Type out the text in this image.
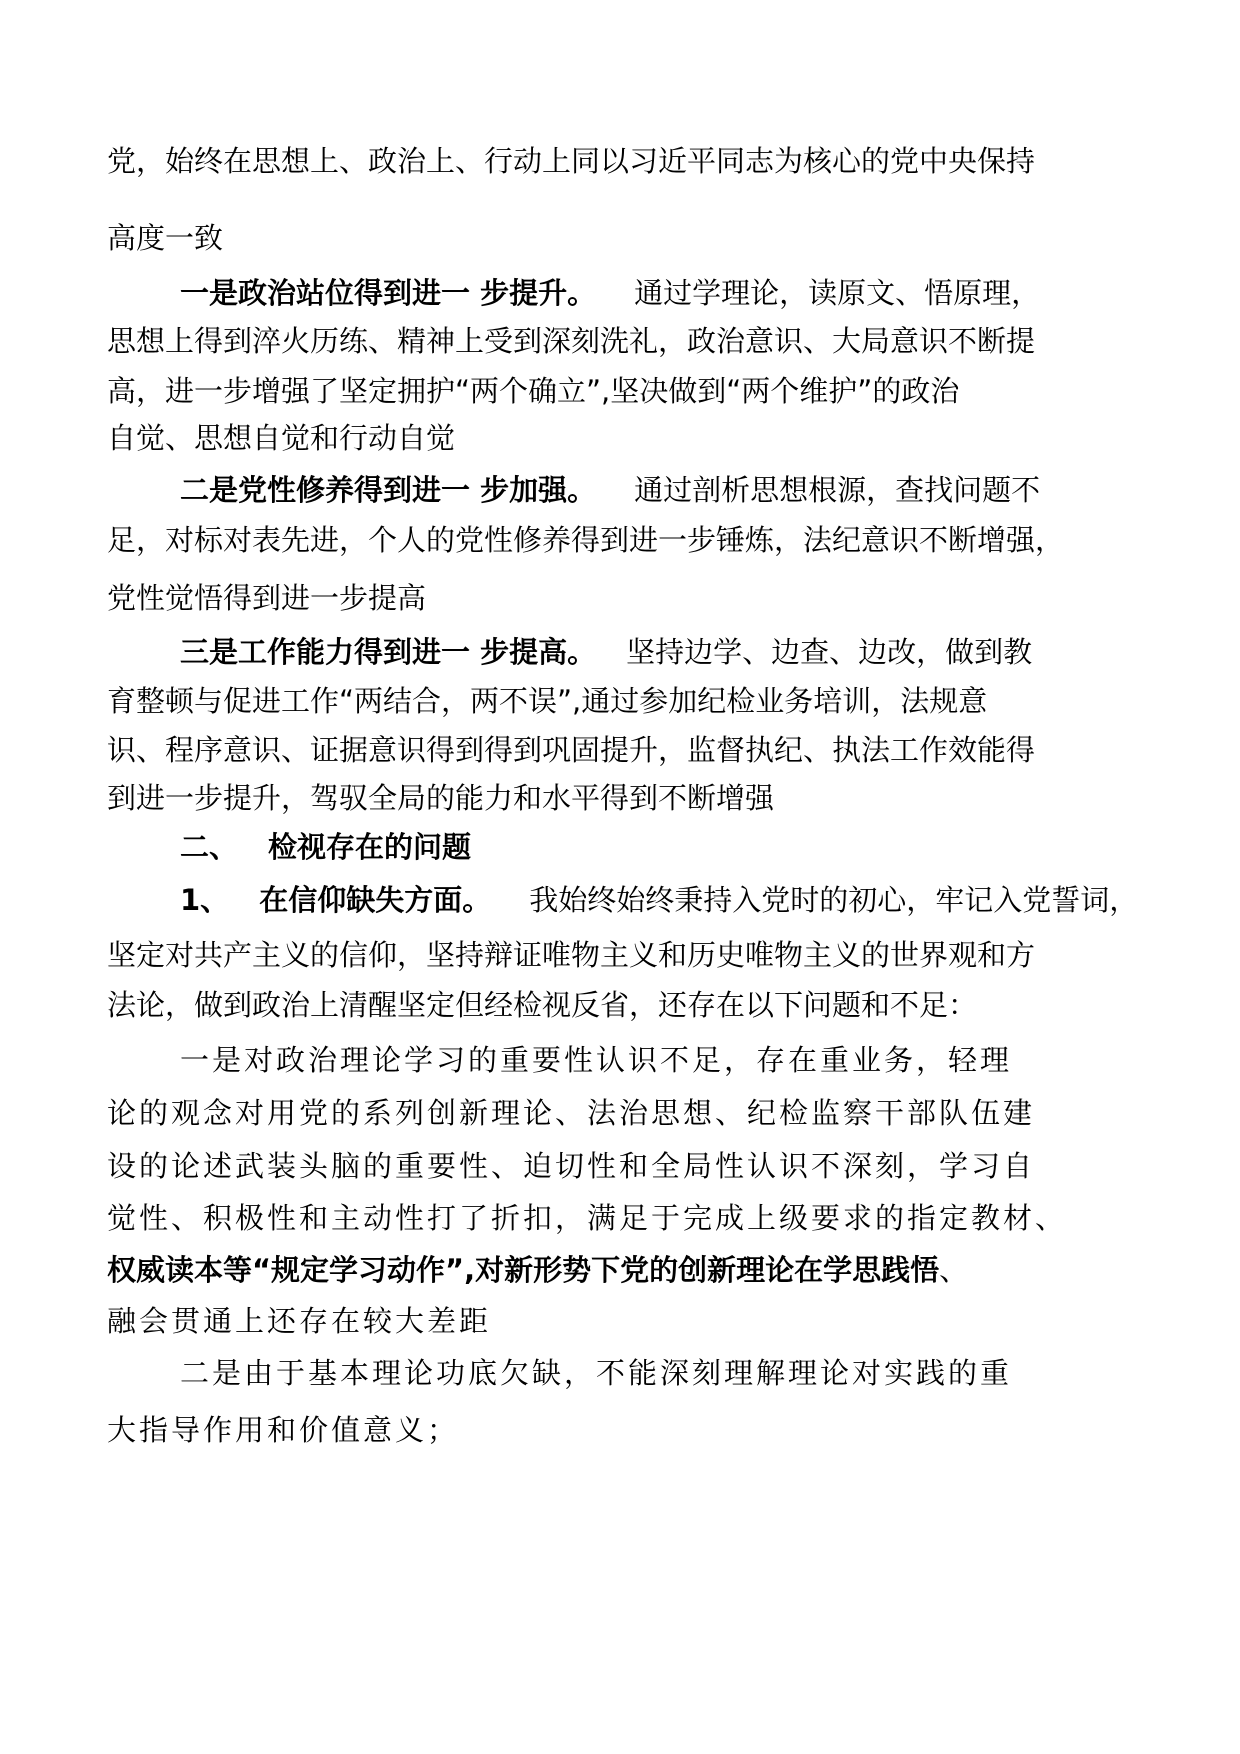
党，始终在思想上、政治上、行动上同以习近平同志为核心的党中央保持
高度一致
一是政治站位得到进一 步提升。 通过学理论，读原文、悟原理，
思想上得到淬火历练、精神上受到深刻洗礼，政治意识、大局意识不断提
高，进一步增强了坚定拥护“两个确立”,坚决做到“两个维护”的政治
自觉、思想自觉和行动自觉
二是党性修养得到进一 步加强。 通过剖析思想根源，查找问题不
足，对标对表先进，个人的党性修养得到进一步锤炼，法纪意识不断增强，
党性觉悟得到进一步提高
三是工作能力得到进一 步提高。 坚持边学、边查、边改，做到教
育整顿与促进工作“两结合，两不误”,通过参加纪检业务培训，法规意
识、程序意识、证据意识得到得到巩固提升，监督执纪、执法工作效能得
到进一步提升，驾驭全局的能力和水平得到不断增强
二、 检视存在的问题
1、 在信仰缺失方面。 我始终始终秉持入党时的初心，牢记入党誓词，
坚定对共产主义的信仰，坚持辩证唯物主义和历史唯物主义的世界观和方
法论，做到政治上清醒坚定但经检视反省，还存在以下问题和不足：
一是对政治理论学习的重要性认识不足，存在重业务，轻理
论的观念对用党的系列创新理论、法治思想、纪检监察干部队伍建
设的论述武装头脑的重要性、迫切性和全局性认识不深刻，学习自
觉性、积极性和主动性打了折扣，满足于完成上级要求的指定教材、
权威读本等“规定学习动作”,对新形势下党的创新理论在学思践悟、
融会贯通上还存在较大差距
二是由于基本理论功底欠缺，不能深刻理解理论对实践的重
大指导作用和价值意义；
